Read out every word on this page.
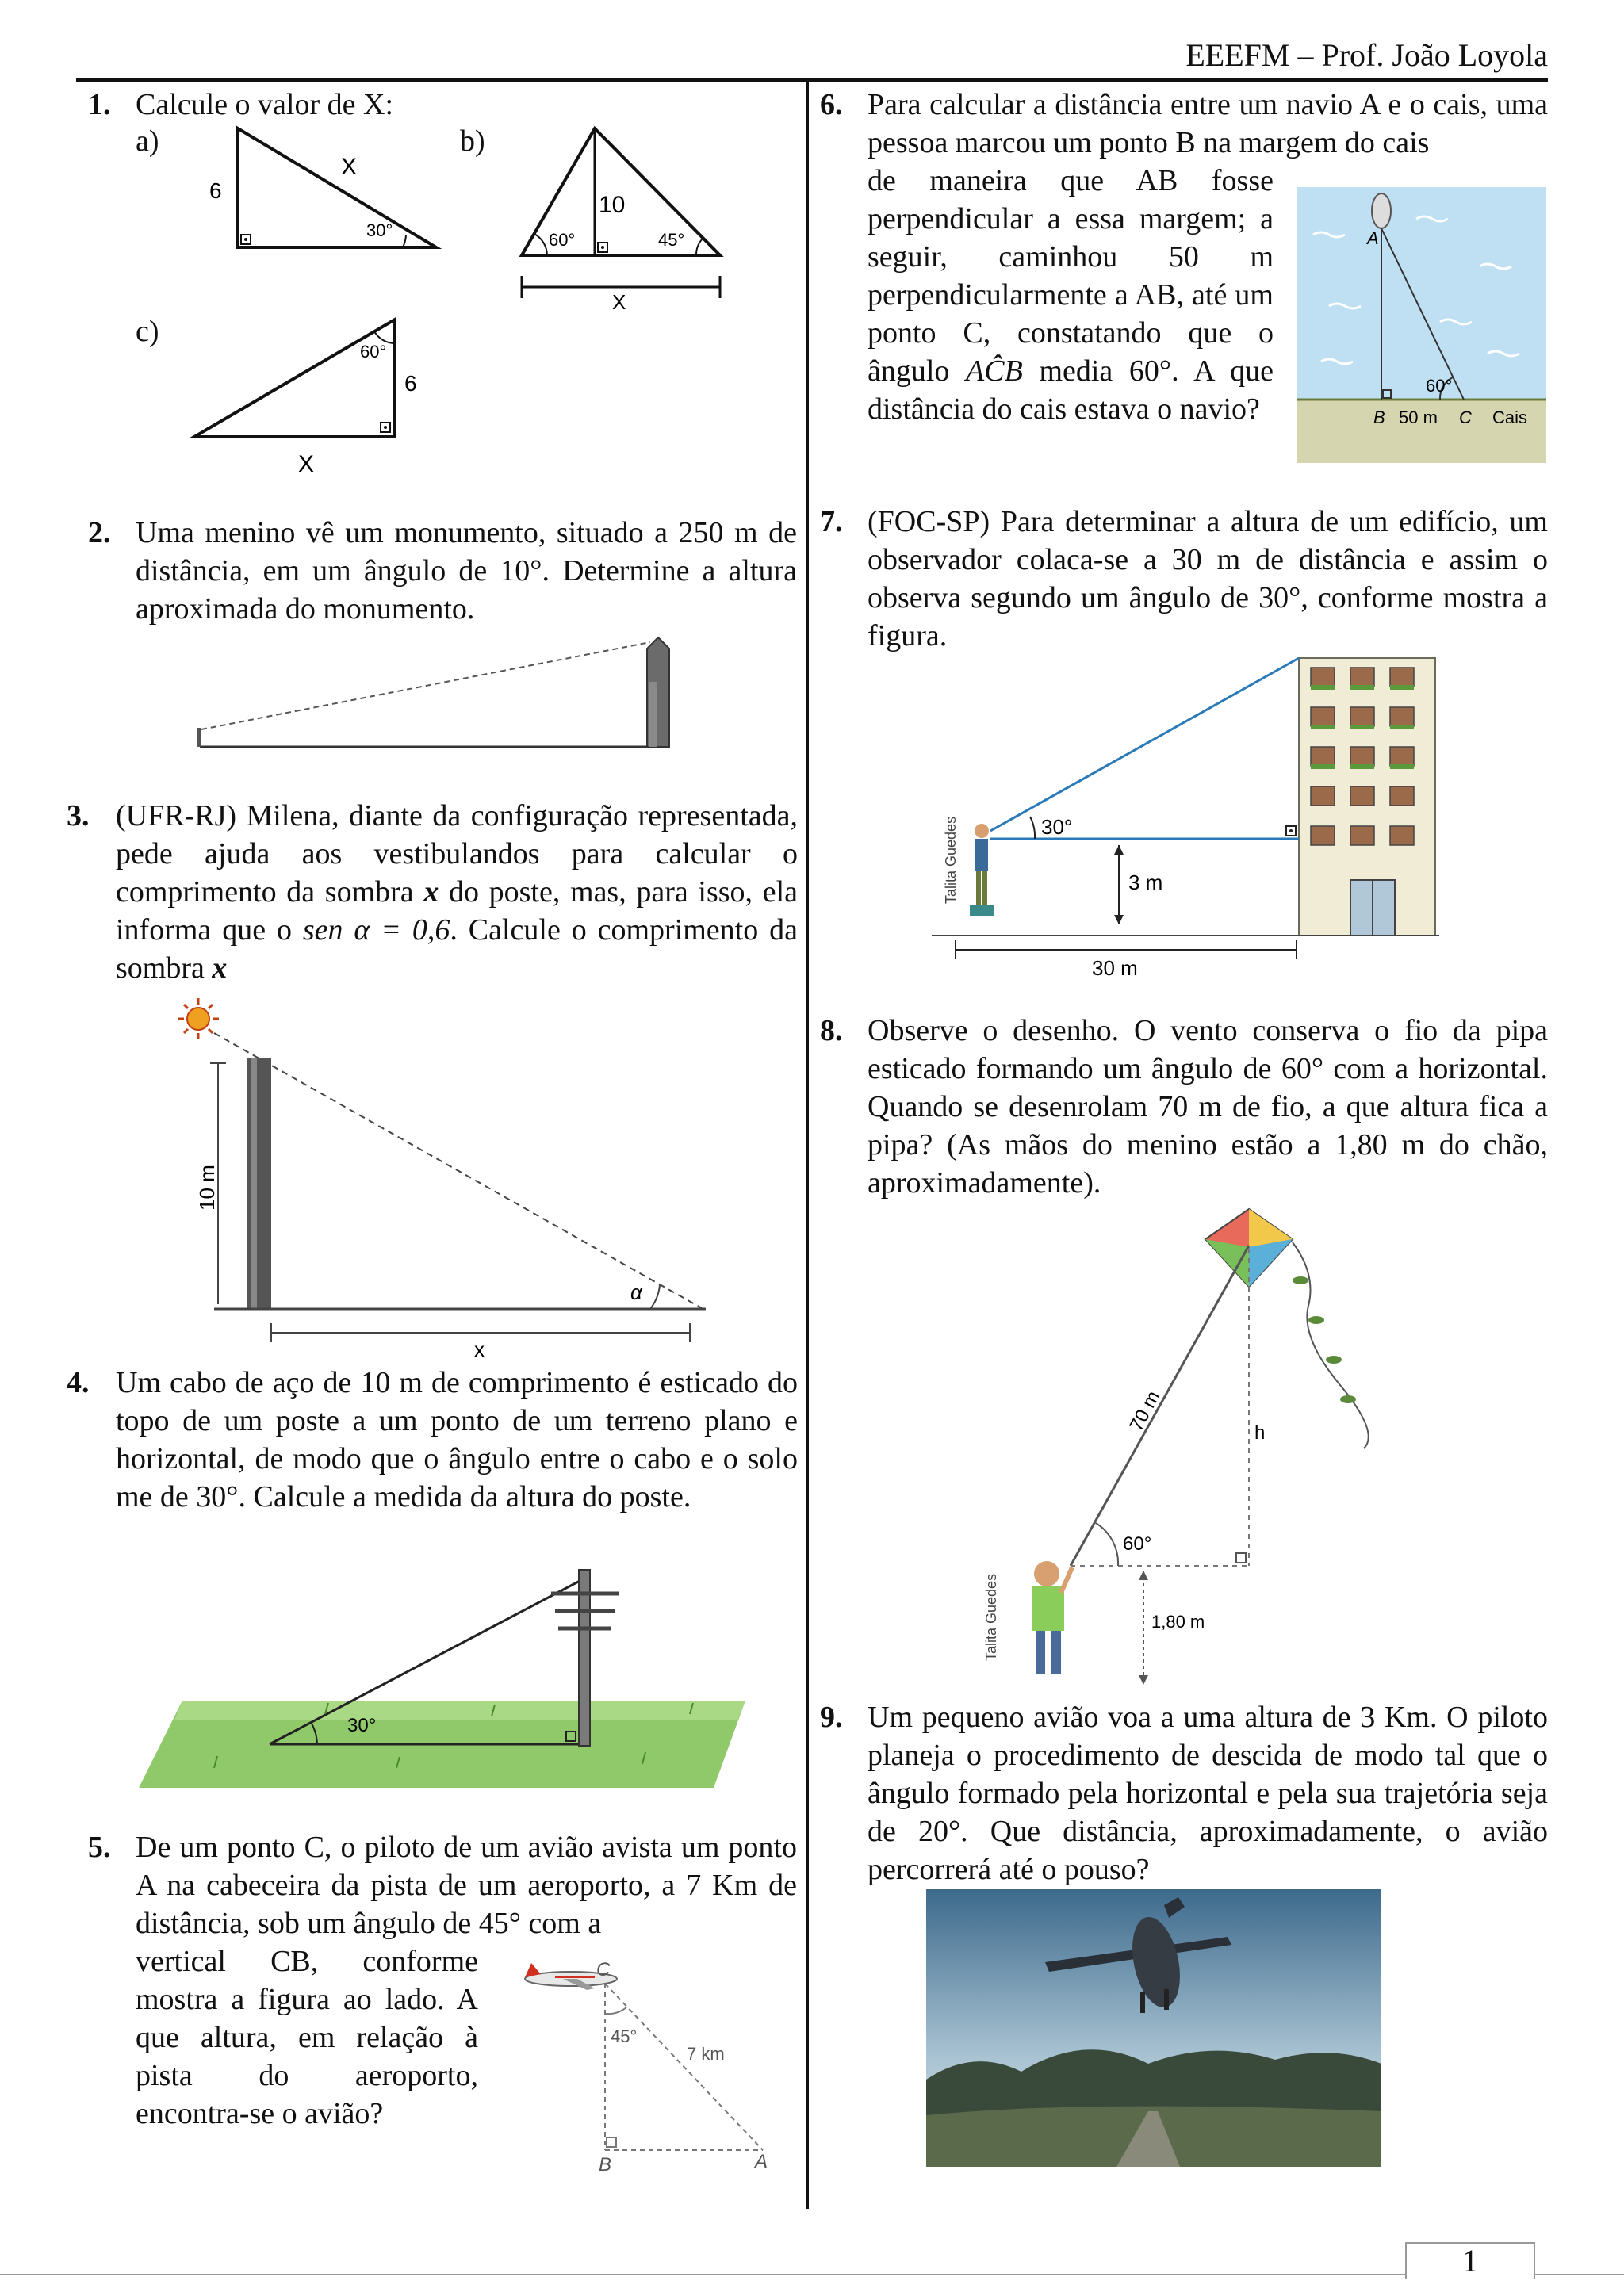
EEEFM – Prof. João Loyola
1. Calcule o valor de X:
a)	b)
c)
X
6
30°
10
60°	45°
X
60°
6
X
2. Uma menino vê um monumento, situado a 250 m de distância, em um ângulo de 10°. Determine a altura aproximada do monumento.
3. (UFR-RJ) Milena, diante da configuração representada, pede ajuda aos vestibulandos para calcular o comprimento da sombra x do poste, mas, para isso, ela informa que o sen α = 0,6. Calcule o comprimento da sombra x
10 m
α
x
4. Um cabo de aço de 10 m de comprimento é esticado do topo de um poste a um ponto de um terreno plano e horizontal, de modo que o ângulo entre o cabo e o solo me de 30°. Calcule a medida da altura do poste.
30°
5. De um ponto C, o piloto de um avião avista um ponto A na cabeceira da pista de um aeroporto, a 7 Km de distância, sob um ângulo de 45° com a
vertical CB, conforme mostra a figura ao lado. A que altura, em relação à pista do aeroporto, encontra-se o avião?
C
45°
7 km
B	A
6. Para calcular a distância entre um navio A e o cais, uma pessoa marcou um ponto B na margem do cais
de maneira que AB fosse perpendicular a essa margem; a seguir, caminhou 50 m perpendicularmente a AB, até um ponto C, constatando que o ângulo AĈB media 60°. A que distância do cais estava o navio?
A
60°
B 50 m C Cais
7. (FOC-SP) Para determinar a altura de um edifício, um observador colaca-se a 30 m de distância e assim o observa segundo um ângulo de 30°, conforme mostra a figura.
Talita Guedes	30°
3 m
30 m
8. Observe o desenho. O vento conserva o fio da pipa esticado formando um ângulo de 60° com a horizontal. Quando se desenrolam 70 m de fio, a que altura fica a pipa? (As mãos do menino estão a 1,80 m do chão, aproximadamente).
60°
70 m	h
1,80 m
Talita Guedes
9. Um pequeno avião voa a uma altura de 3 Km. O piloto planeja o procedimento de descida de modo tal que o ângulo formado pela horizontal e pela sua trajetória seja de 20°. Que distância, aproximadamente, o avião percorrerá até o pouso?
1
